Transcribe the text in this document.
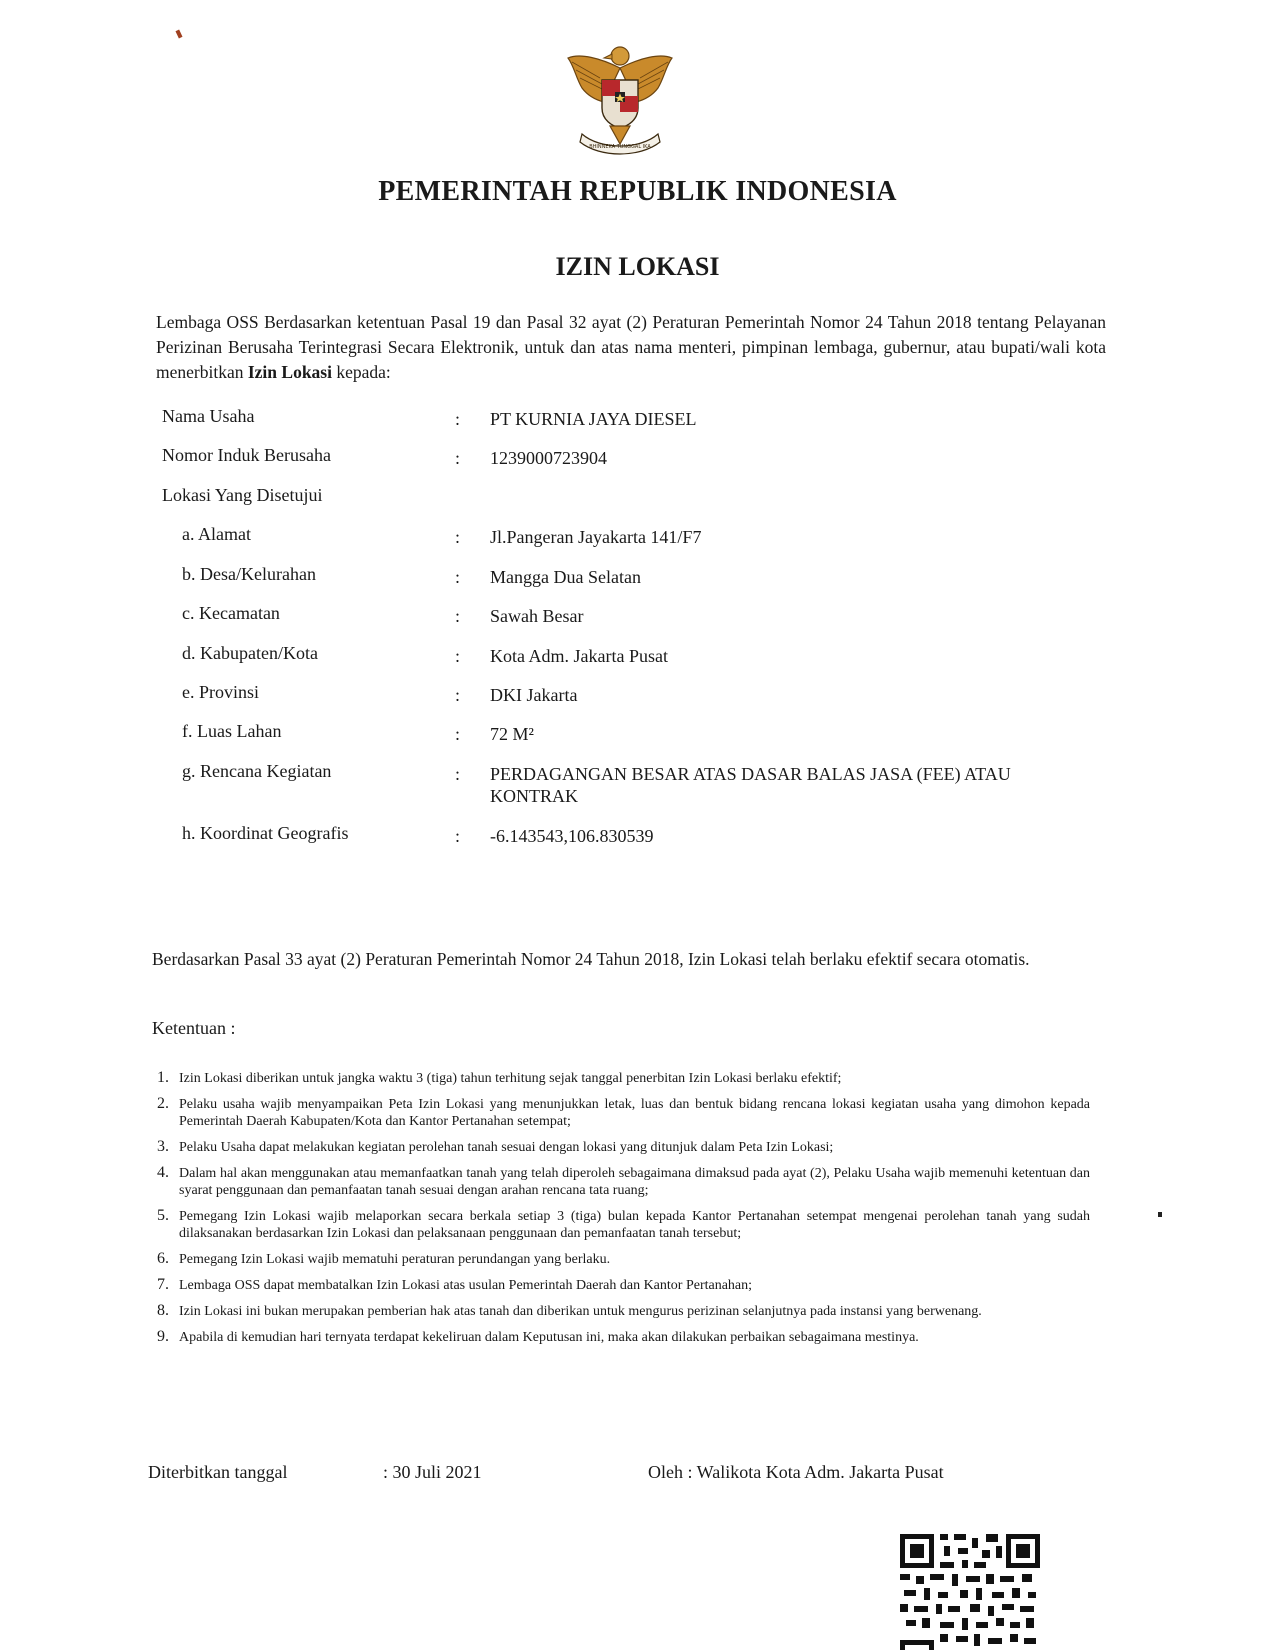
BHINNEKA TUNGGAL IKA
PEMERINTAH REPUBLIK INDONESIA
IZIN LOKASI
Lembaga OSS Berdasarkan ketentuan Pasal 19 dan Pasal 32 ayat (2) Peraturan Pemerintah Nomor 24 Tahun 2018 tentang Pelayanan Perizinan Berusaha Terintegrasi Secara Elektronik, untuk dan atas nama menteri, pimpinan lembaga, gubernur, atau bupati/wali kota menerbitkan Izin Lokasi kepada:
Nama Usaha	: PT KURNIA JAYA DIESEL
Nomor Induk Berusaha	: 1239000723904
Lokasi Yang Disetujui
a. Alamat	: Jl.Pangeran Jayakarta 141/F7
b. Desa/Kelurahan	: Mangga Dua Selatan
c. Kecamatan	: Sawah Besar
d. Kabupaten/Kota	: Kota Adm. Jakarta Pusat
e. Provinsi	: DKI Jakarta
f. Luas Lahan	: 72 M²
g. Rencana Kegiatan	: PERDAGANGAN BESAR ATAS DASAR BALAS JASA (FEE) ATAU KONTRAK
h. Koordinat Geografis	: -6.143543,106.830539
Berdasarkan Pasal 33 ayat (2) Peraturan Pemerintah Nomor 24 Tahun 2018, Izin Lokasi telah berlaku efektif secara otomatis.
Ketentuan :
1. Izin Lokasi diberikan untuk jangka waktu 3 (tiga) tahun terhitung sejak tanggal penerbitan Izin Lokasi berlaku efektif;
2. Pelaku usaha wajib menyampaikan Peta Izin Lokasi yang menunjukkan letak, luas dan bentuk bidang rencana lokasi kegiatan usaha yang dimohon kepada Pemerintah Daerah Kabupaten/Kota dan Kantor Pertanahan setempat;
3. Pelaku Usaha dapat melakukan kegiatan perolehan tanah sesuai dengan lokasi yang ditunjuk dalam Peta Izin Lokasi;
4. Dalam hal akan menggunakan atau memanfaatkan tanah yang telah diperoleh sebagaimana dimaksud pada ayat (2), Pelaku Usaha wajib memenuhi ketentuan dan syarat penggunaan dan pemanfaatan tanah sesuai dengan arahan rencana tata ruang;
5. Pemegang Izin Lokasi wajib melaporkan secara berkala setiap 3 (tiga) bulan kepada Kantor Pertanahan setempat mengenai perolehan tanah yang sudah dilaksanakan berdasarkan Izin Lokasi dan pelaksanaan penggunaan dan pemanfaatan tanah tersebut;
6. Pemegang Izin Lokasi wajib mematuhi peraturan perundangan yang berlaku.
7. Lembaga OSS dapat membatalkan Izin Lokasi atas usulan Pemerintah Daerah dan Kantor Pertanahan;
8. Izin Lokasi ini bukan merupakan pemberian hak atas tanah dan diberikan untuk mengurus perizinan selanjutnya pada instansi yang berwenang.
9. Apabila di kemudian hari ternyata terdapat kekeliruan dalam Keputusan ini, maka akan dilakukan perbaikan sebagaimana mestinya.
Diterbitkan tanggal	: 30 Juli 2021	Oleh : Walikota Kota Adm. Jakarta Pusat
